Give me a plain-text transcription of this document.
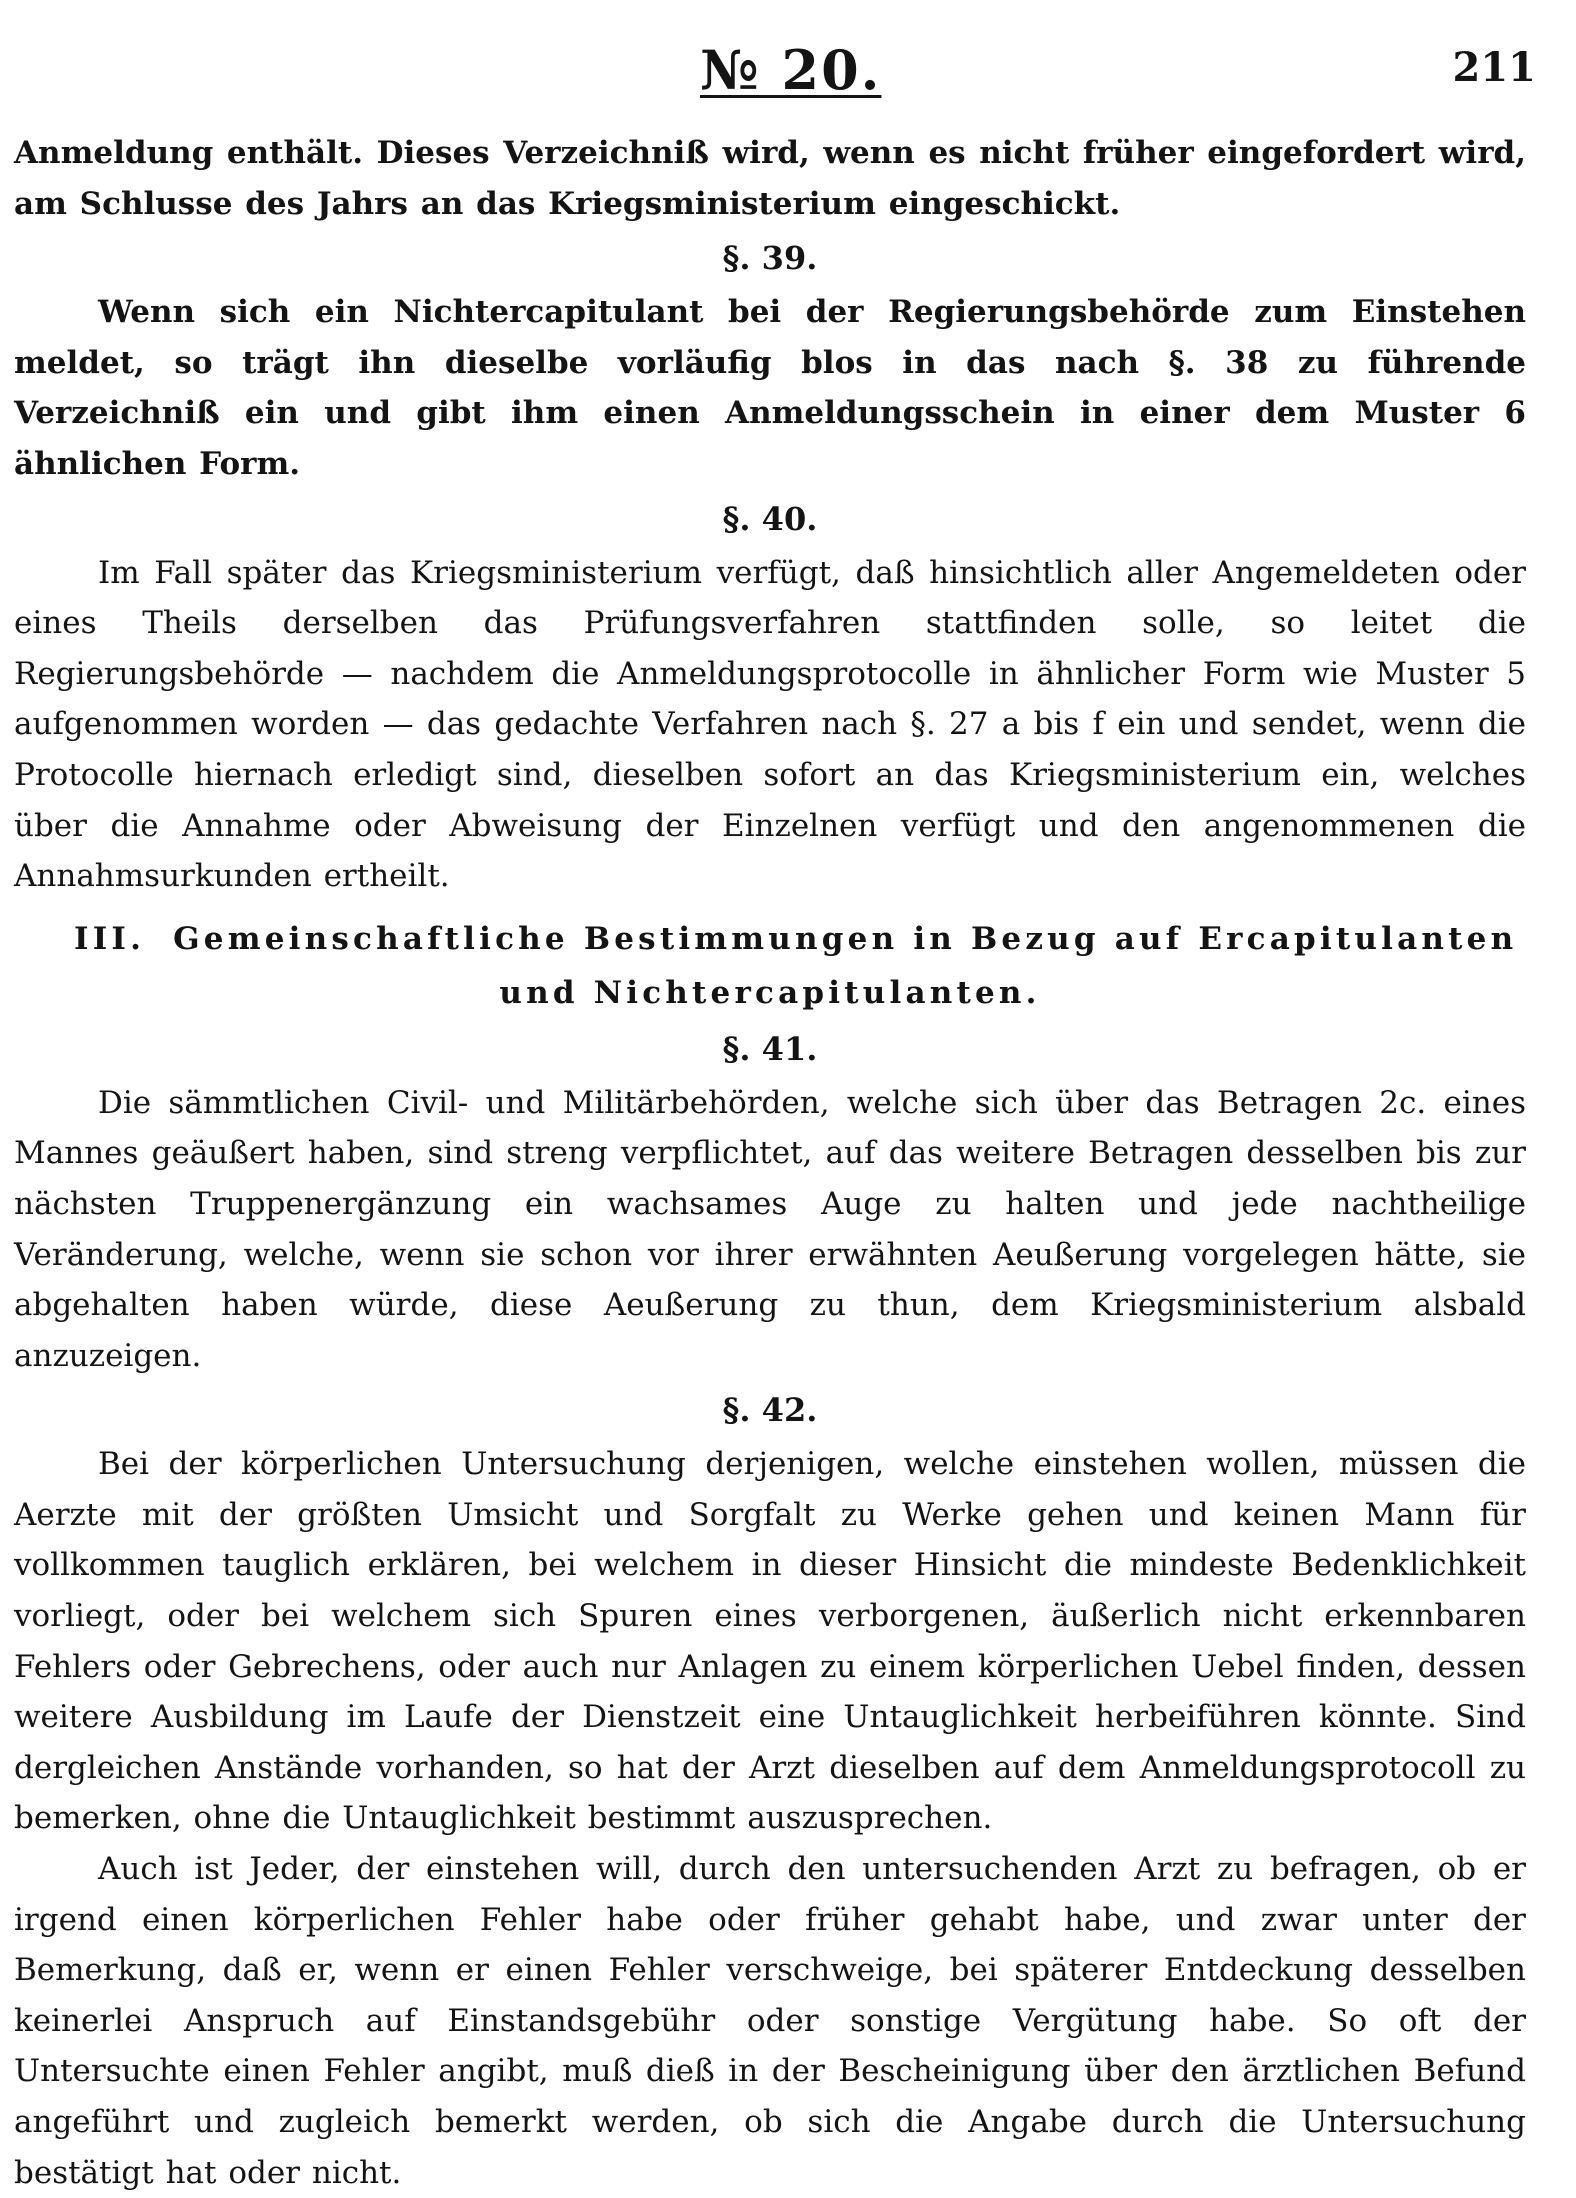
№ 20.	211

Anmeldung enthält. Dieses Verzeichniß wird, wenn es nicht früher eingefordert wird, am Schlusse des Jahrs an das Kriegsministerium eingeschickt.

§. 39.

Wenn sich ein Nichtercapitulant bei der Regierungsbehörde zum Einstehen meldet, so trägt ihn dieselbe vorläufig blos in das nach §. 38 zu führende Verzeichniß ein und gibt ihm einen Anmeldungsschein in einer dem Muster 6 ähnlichen Form.

§. 40.

Im Fall später das Kriegsministerium verfügt, daß hinsichtlich aller Angemeldeten oder eines Theils derselben das Prüfungsverfahren stattfinden solle, so leitet die Regierungsbehörde — nachdem die Anmeldungsprotocolle in ähnlicher Form wie Muster 5 aufgenommen worden — das gedachte Verfahren nach §. 27 a bis f ein und sendet, wenn die Protocolle hiernach erledigt sind, dieselben sofort an das Kriegsministerium ein, welches über die Annahme oder Abweisung der Einzelnen verfügt und den angenommenen die Annahmsurkunden ertheilt.

III. Gemeinschaftliche Bestimmungen in Bezug auf Ercapitulanten
und Nichtercapitulanten.

§. 41.

Die sämmtlichen Civil- und Militärbehörden, welche sich über das Betragen 2c. eines Mannes geäußert haben, sind streng verpflichtet, auf das weitere Betragen desselben bis zur nächsten Truppenergänzung ein wachsames Auge zu halten und jede nachtheilige Veränderung, welche, wenn sie schon vor ihrer erwähnten Aeußerung vorgelegen hätte, sie abgehalten haben würde, diese Aeußerung zu thun, dem Kriegsministerium alsbald anzuzeigen.

§. 42.

Bei der körperlichen Untersuchung derjenigen, welche einstehen wollen, müssen die Aerzte mit der größten Umsicht und Sorgfalt zu Werke gehen und keinen Mann für vollkommen tauglich erklären, bei welchem in dieser Hinsicht die mindeste Bedenklichkeit vorliegt, oder bei welchem sich Spuren eines verborgenen, äußerlich nicht erkennbaren Fehlers oder Gebrechens, oder auch nur Anlagen zu einem körperlichen Uebel finden, dessen weitere Ausbildung im Laufe der Dienstzeit eine Untauglichkeit herbeiführen könnte. Sind dergleichen Anstände vorhanden, so hat der Arzt dieselben auf dem Anmeldungsprotocoll zu bemerken, ohne die Untauglichkeit bestimmt auszusprechen.

Auch ist Jeder, der einstehen will, durch den untersuchenden Arzt zu befragen, ob er irgend einen körperlichen Fehler habe oder früher gehabt habe, und zwar unter der Bemerkung, daß er, wenn er einen Fehler verschweige, bei späterer Entdeckung desselben keinerlei Anspruch auf Einstandsgebühr oder sonstige Vergütung habe. So oft der Untersuchte einen Fehler angibt, muß dieß in der Bescheinigung über den ärztlichen Befund angeführt und zugleich bemerkt werden, ob sich die Angabe durch die Untersuchung bestätigt hat oder nicht.
